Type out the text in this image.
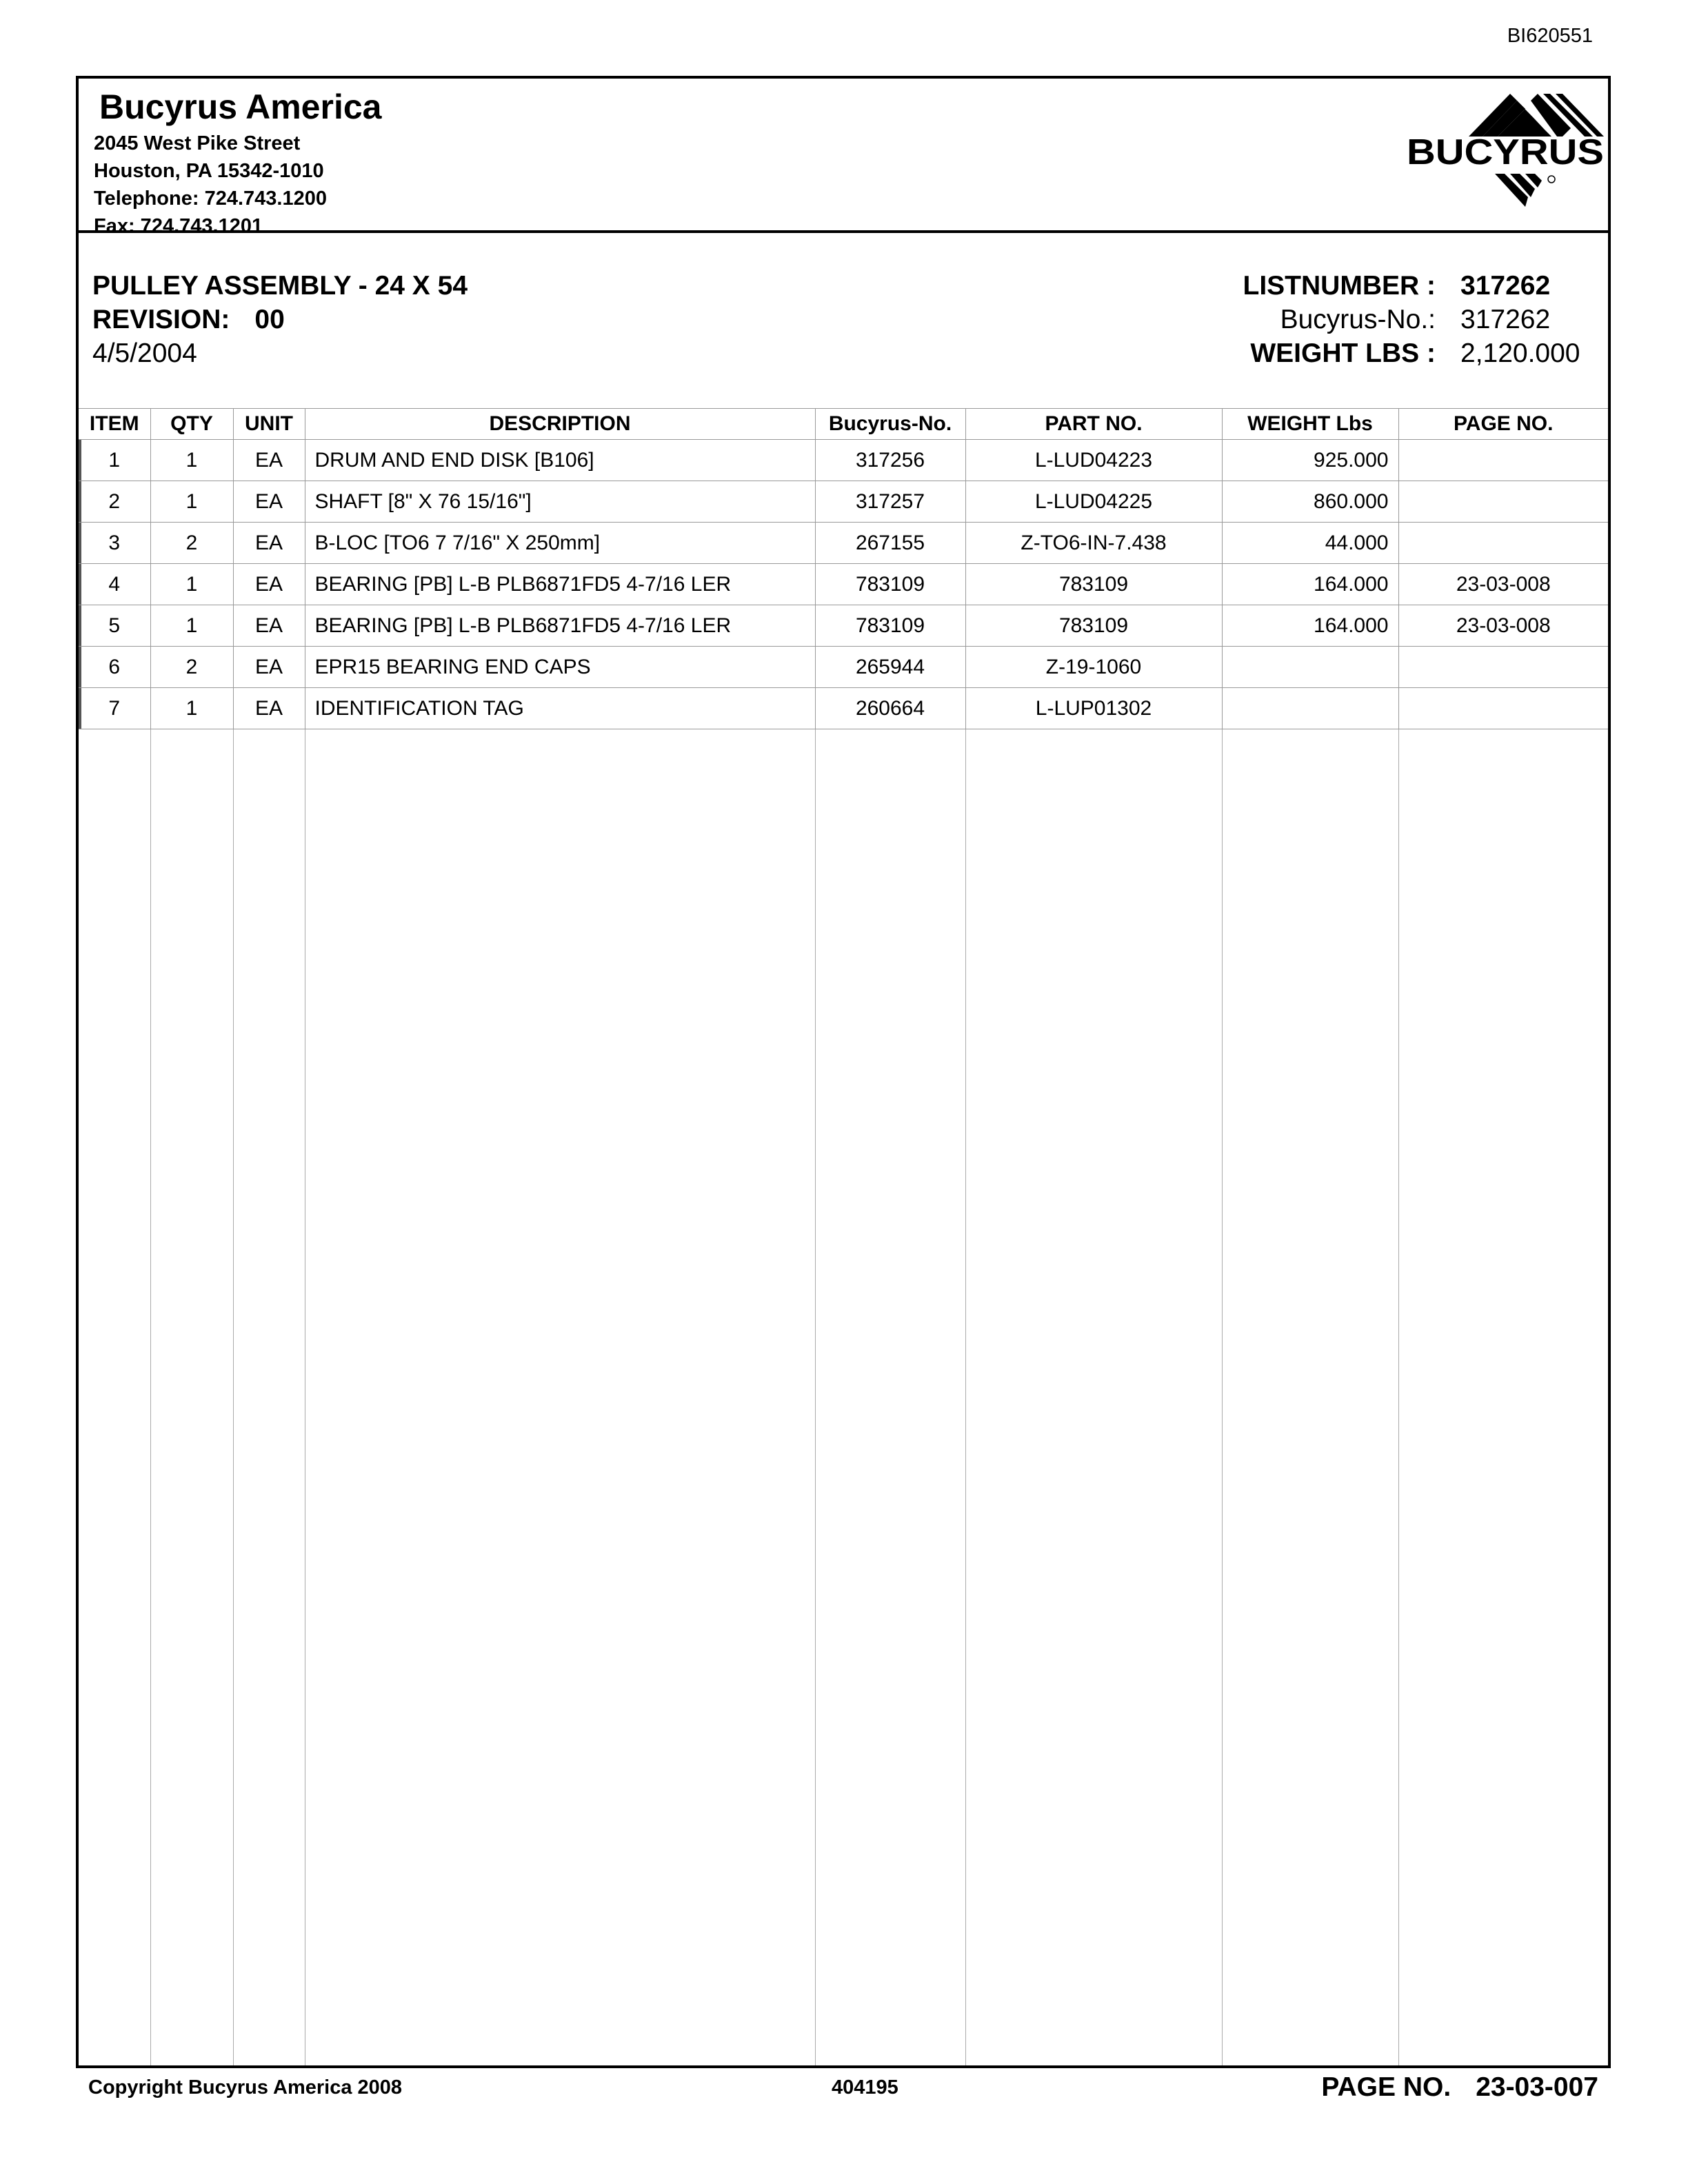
BI620551
Bucyrus America
2045 West Pike Street
Houston, PA 15342-1010
Telephone: 724.743.1200
Fax: 724.743.1201
BUCYRUS
PULLEY ASSEMBLY - 24 X 54
REVISION: 00
4/5/2004
LISTNUMBER : 317262
Bucyrus-No.: 317262
WEIGHT LBS : 2,120.000
ITEM	QTY	UNIT	DESCRIPTION	Bucyrus-No.	PART NO.	WEIGHT Lbs	PAGE NO.
1	1	EA	DRUM AND END DISK [B106]	317256	L-LUD04223	925.000	
2	1	EA	SHAFT [8" X 76 15/16"]	317257	L-LUD04225	860.000	
3	2	EA	B-LOC [TO6 7 7/16" X 250mm]	267155	Z-TO6-IN-7.438	44.000	
4	1	EA	BEARING [PB] L-B PLB6871FD5 4-7/16 LER	783109	783109	164.000	23-03-008
5	1	EA	BEARING [PB] L-B PLB6871FD5 4-7/16 LER	783109	783109	164.000	23-03-008
6	2	EA	EPR15 BEARING END CAPS	265944	Z-19-1060		
7	1	EA	IDENTIFICATION TAG	260664	L-LUP01302		
Copyright Bucyrus America 2008	404195	PAGE NO. 23-03-007
